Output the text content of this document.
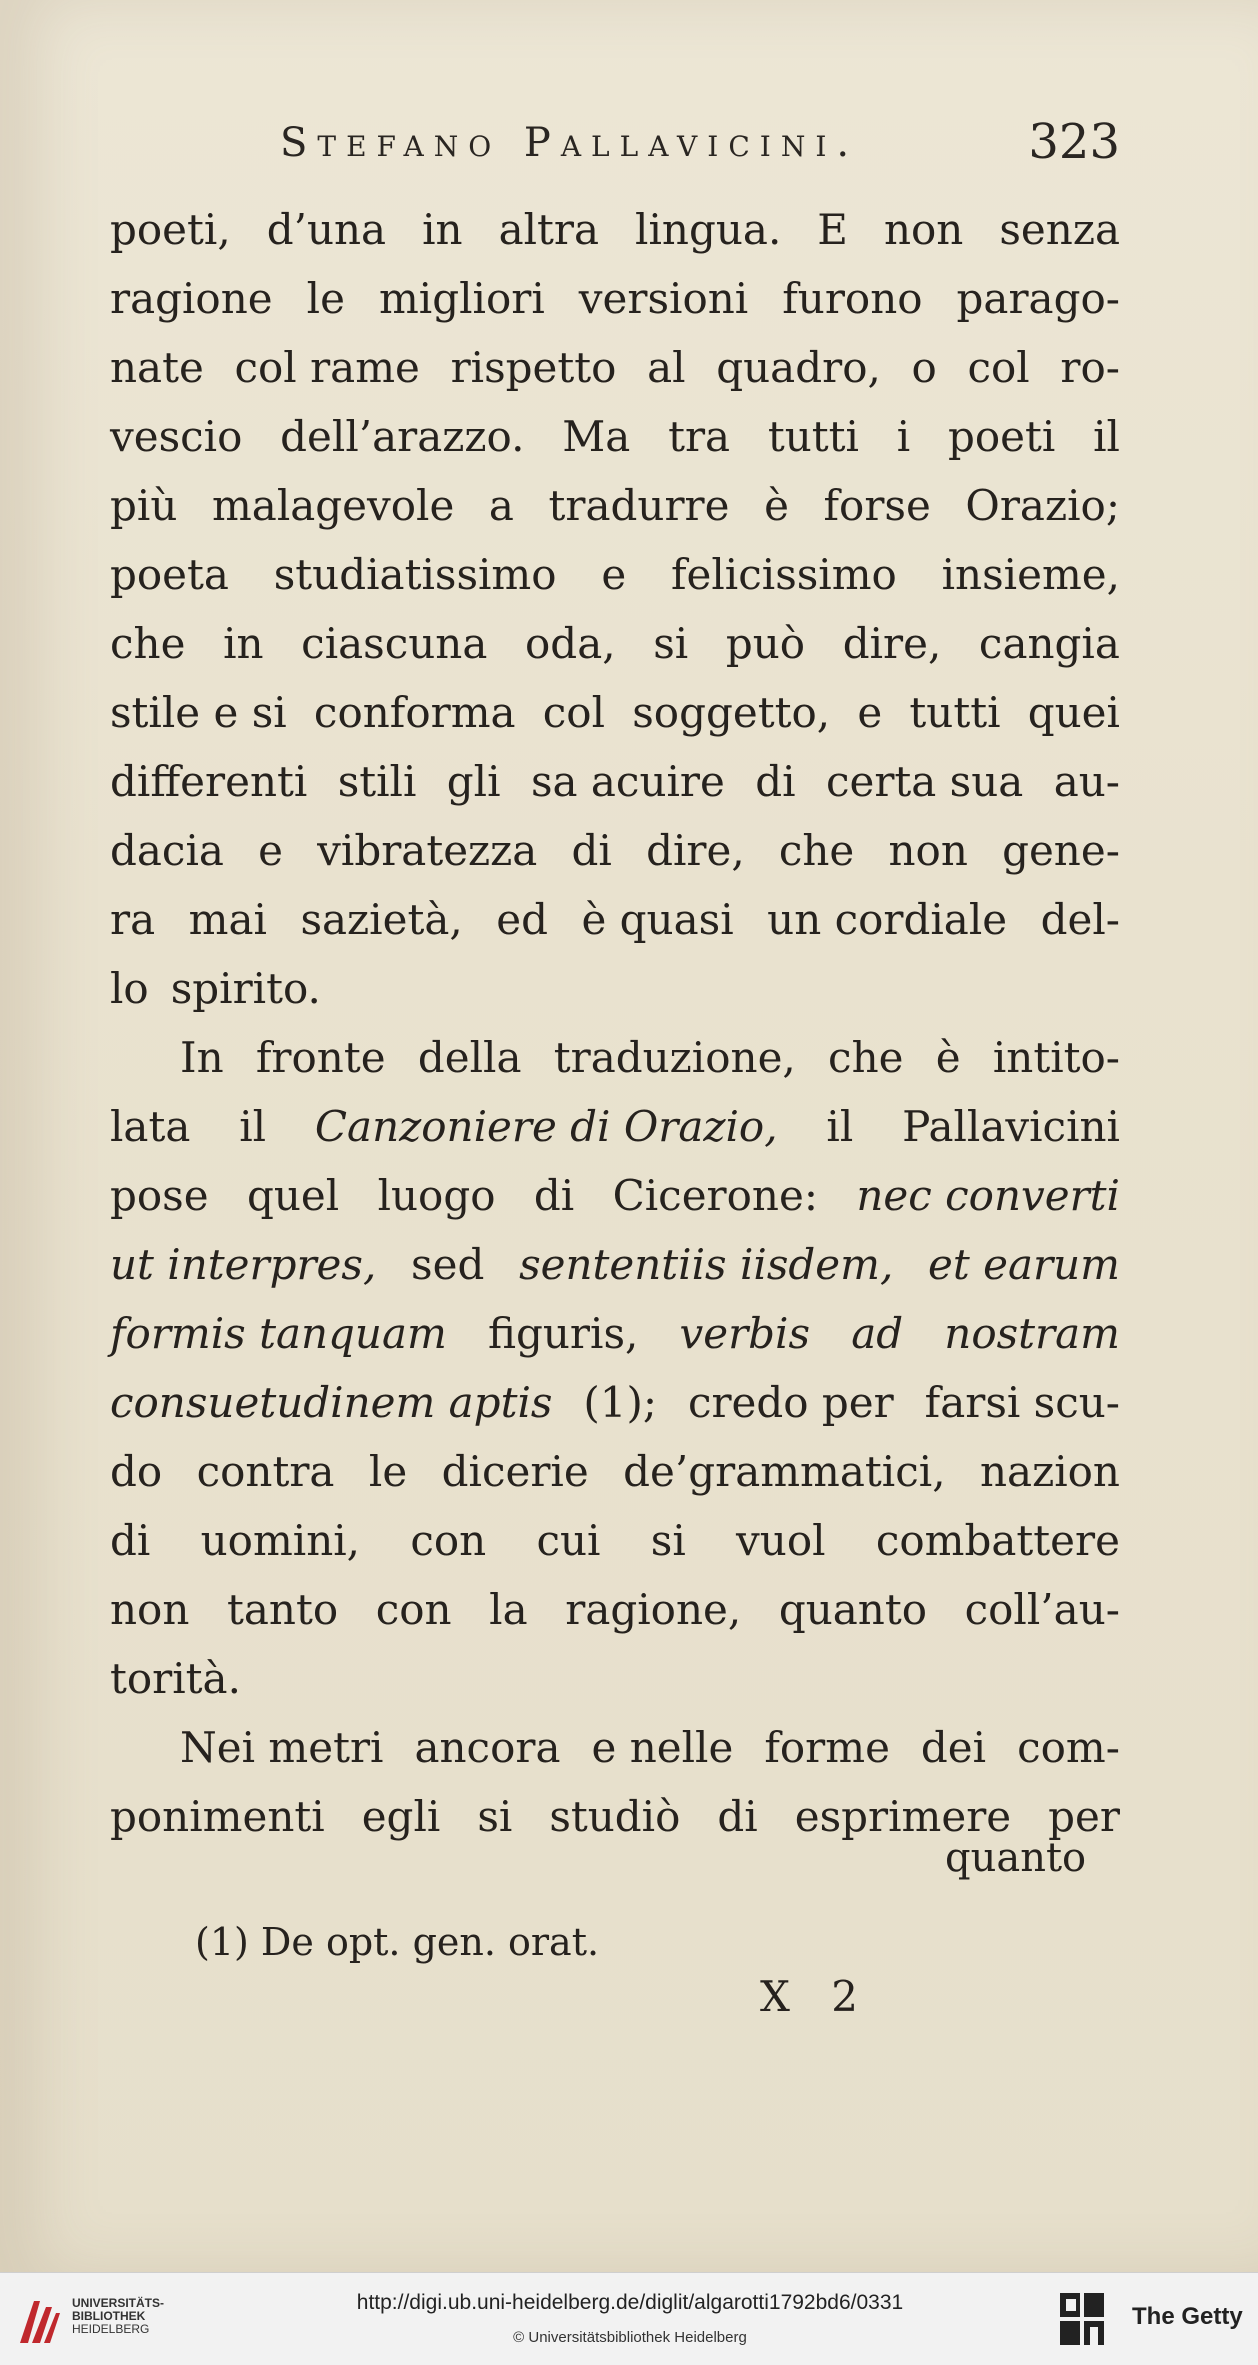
Stefano Pallavicini.	323
poeti, d’una in altra lingua. E non senza
ragione le migliori versioni furono parago-
nate col rame rispetto al quadro, o col ro-
vescio dell’arazzo. Ma tra tutti i poeti il
più malagevole a tradurre è forse Orazio;
poeta studiatissimo e felicissimo insieme,
che in ciascuna oda, si può dire, cangia
stile e si conforma col soggetto, e tutti quei
differenti stili gli sa acuire di certa sua au-
dacia e vibratezza di dire, che non gene-
ra mai sazietà, ed è quasi un cordiale del-
lo spirito.
In fronte della traduzione, che è intito-
lata il Canzoniere di Orazio, il Pallavicini
pose quel luogo di Cicerone: nec converti
ut interpres, sed sententiis iisdem, et earum
formis tanquam figuris, verbis ad nostram
consuetudinem aptis (1); credo per farsi scu-
do contra le dicerie de’grammatici, nazion
di uomini, con cui si vuol combattere
non tanto con la ragione, quanto coll’au-
torità.
Nei metri ancora e nelle forme dei com-
ponimenti egli si studiò di esprimere per
quanto
(1) De opt. gen. orat.
X 2
UNIVERSITÄTS-
BIBLIOTHEK
HEIDELBERG
http://digi.ub.uni-heidelberg.de/diglit/algarotti1792bd6/0331
© Universitätsbibliothek Heidelberg
The Getty
